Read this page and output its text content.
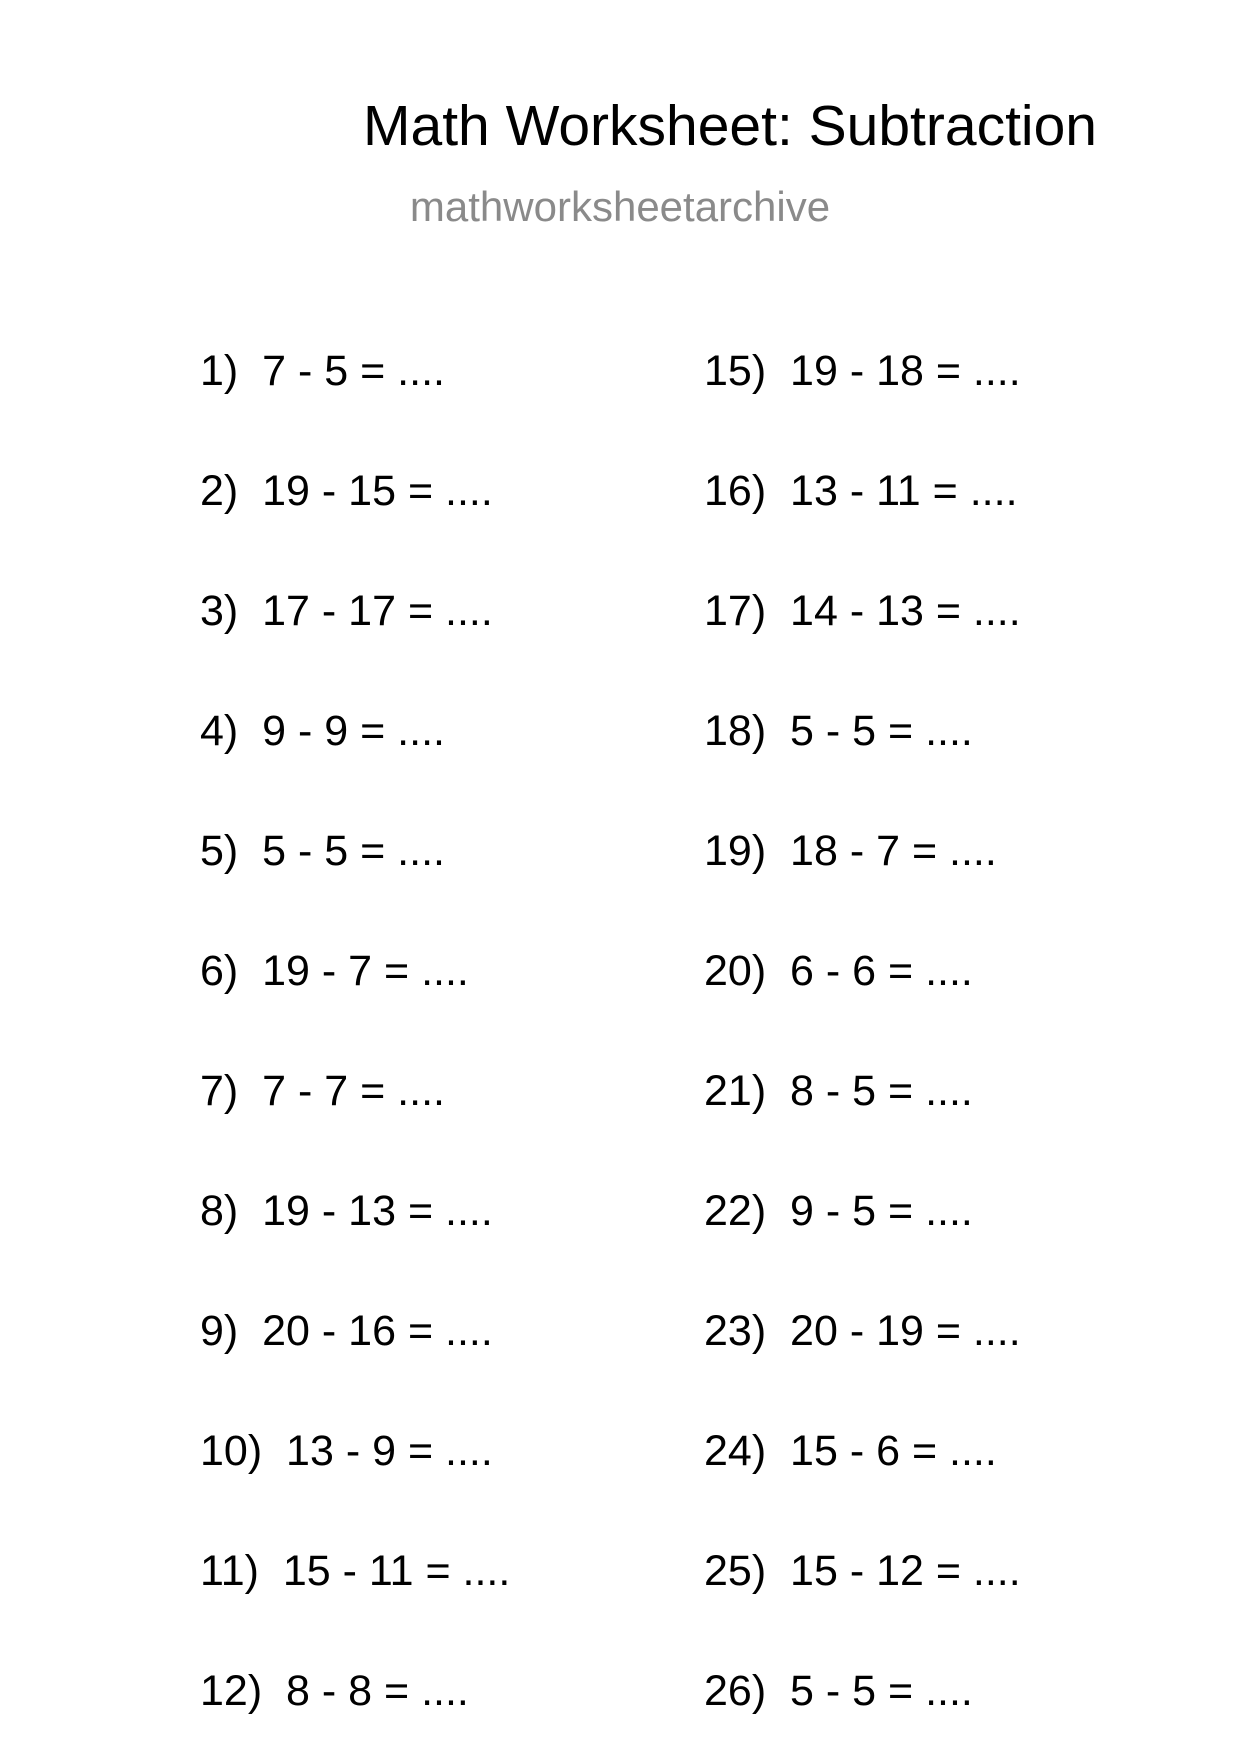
Math Worksheet: Subtraction
mathworksheetarchive
1)  7 - 5 = ....
2)  19 - 15 = ....
3)  17 - 17 = ....
4)  9 - 9 = ....
5)  5 - 5 = ....
6)  19 - 7 = ....
7)  7 - 7 = ....
8)  19 - 13 = ....
9)  20 - 16 = ....
10)  13 - 9 = ....
11)  15 - 11 = ....
12)  8 - 8 = ....
15)  19 - 18 = ....
16)  13 - 11 = ....
17)  14 - 13 = ....
18)  5 - 5 = ....
19)  18 - 7 = ....
20)  6 - 6 = ....
21)  8 - 5 = ....
22)  9 - 5 = ....
23)  20 - 19 = ....
24)  15 - 6 = ....
25)  15 - 12 = ....
26)  5 - 5 = ....
